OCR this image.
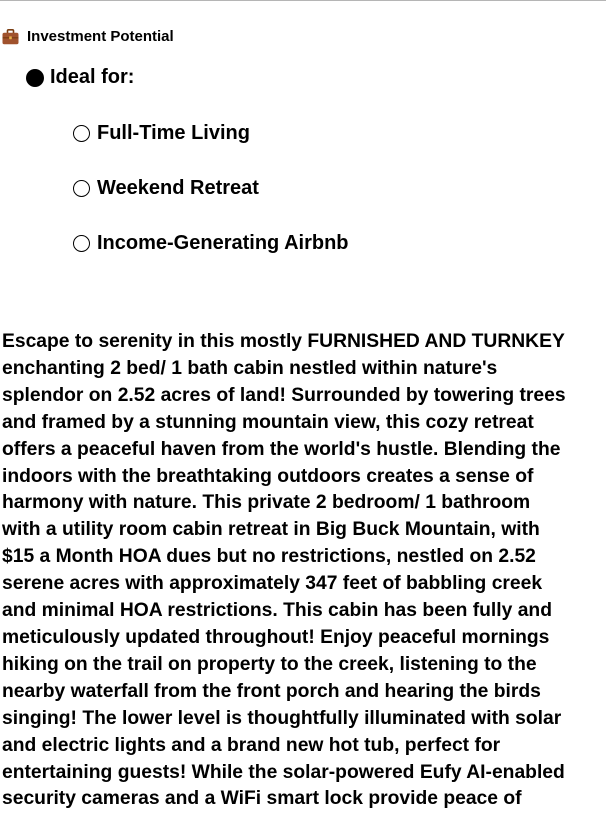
Investment Potential
Ideal for:
Full-Time Living
Weekend Retreat
Income-Generating Airbnb

Escape to serenity in this mostly FURNISHED AND TURNKEY
enchanting 2 bed/ 1 bath cabin nestled within nature's
splendor on 2.52 acres of land! Surrounded by towering trees
and framed by a stunning mountain view, this cozy retreat
offers a peaceful haven from the world's hustle. Blending the
indoors with the breathtaking outdoors creates a sense of
harmony with nature. This private 2 bedroom/ 1 bathroom
with a utility room cabin retreat in Big Buck Mountain, with
$15 a Month HOA dues but no restrictions, nestled on 2.52
serene acres with approximately 347 feet of babbling creek
and minimal HOA restrictions. This cabin has been fully and
meticulously updated throughout! Enjoy peaceful mornings
hiking on the trail on property to the creek, listening to the
nearby waterfall from the front porch and hearing the birds
singing! The lower level is thoughtfully illuminated with solar
and electric lights and a brand new hot tub, perfect for
entertaining guests! While the solar-powered Eufy AI-enabled
security cameras and a WiFi smart lock provide peace of
